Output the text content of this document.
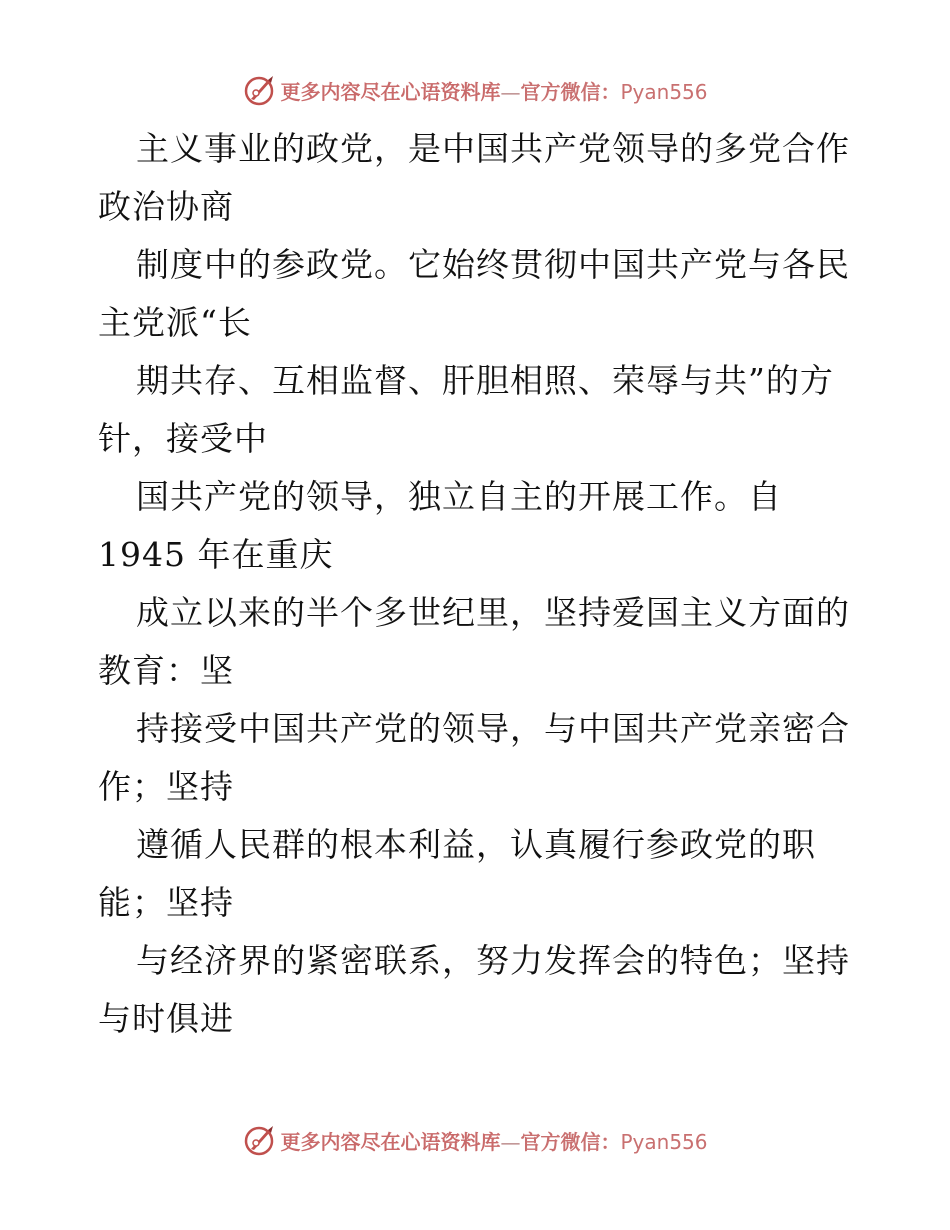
更多内容尽在心语资料库—官方微信：Pyan556
主义事业的政党，是中国共产党领导的多党合作
政治协商
制度中的参政党。它始终贯彻中国共产党与各民
主党派“长
期共存、互相监督、肝胆相照、荣辱与共”的方
针，接受中
国共产党的领导，独立自主的开展工作。自
1945 年在重庆
成立以来的半个多世纪里，坚持爱国主义方面的
教育：坚
持接受中国共产党的领导，与中国共产党亲密合
作；坚持
遵循人民群的根本利益，认真履行参政党的职
能；坚持
与经济界的紧密联系，努力发挥会的特色；坚持
与时俱进
更多内容尽在心语资料库—官方微信：Pyan556
